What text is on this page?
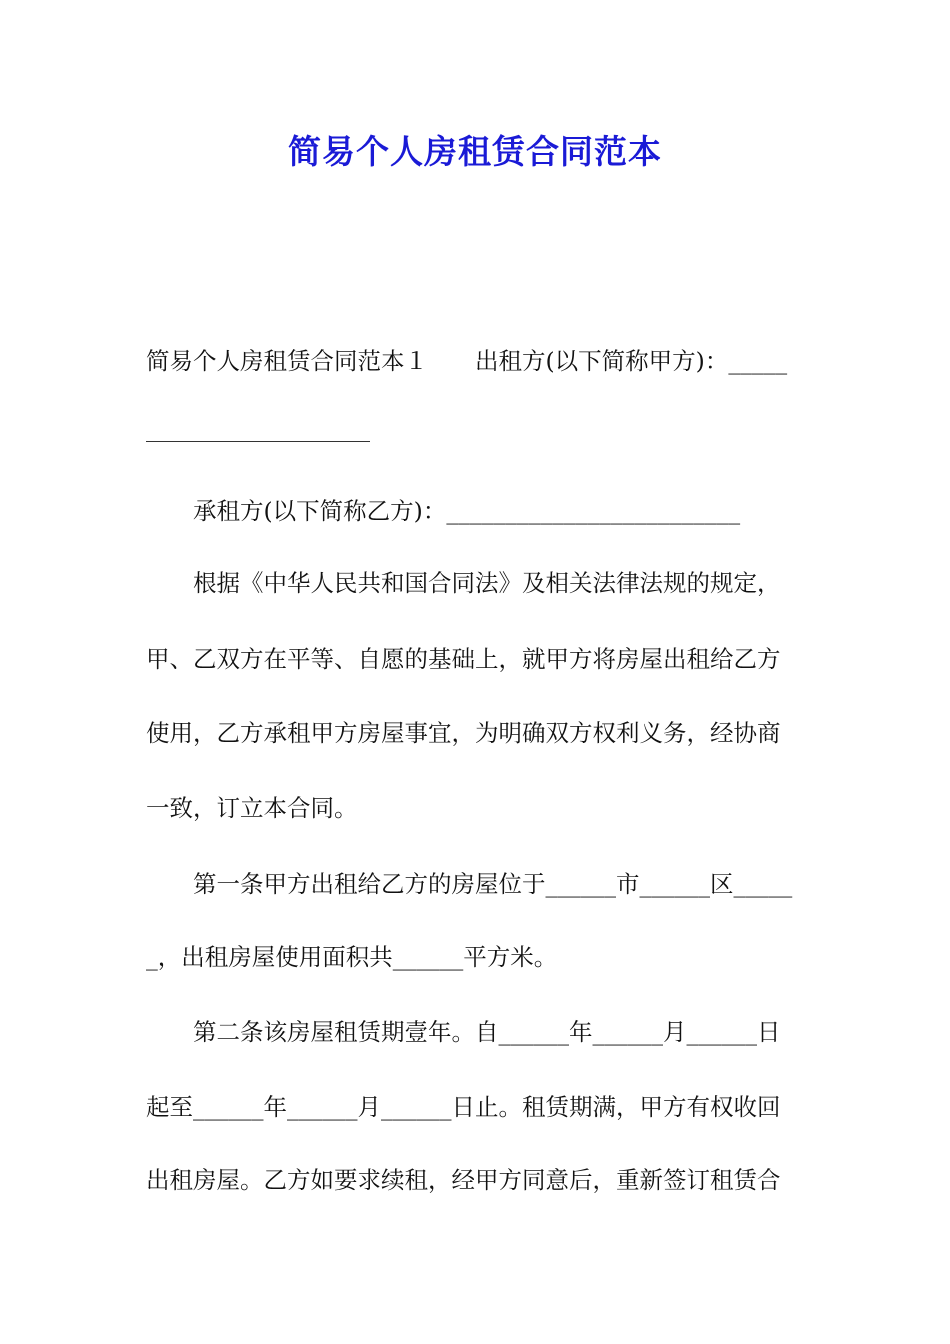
简易个人房租赁合同范本
简易个人房租赁合同范本１　　出租方(以下简称甲方)：_____
承租方(以下简称乙方)：_________________________
根据《中华人民共和国合同法》及相关法律法规的规定，
甲、乙双方在平等、自愿的基础上，就甲方将房屋出租给乙方
使用，乙方承租甲方房屋事宜，为明确双方权利义务，经协商
一致，订立本合同。
第一条甲方出租给乙方的房屋位于______市______区_____
_，出租房屋使用面积共______平方米。
第二条该房屋租赁期壹年。自______年______月______日
起至______年______月______日止。租赁期满，甲方有权收回
出租房屋。乙方如要求续租，经甲方同意后，重新签订租赁合
